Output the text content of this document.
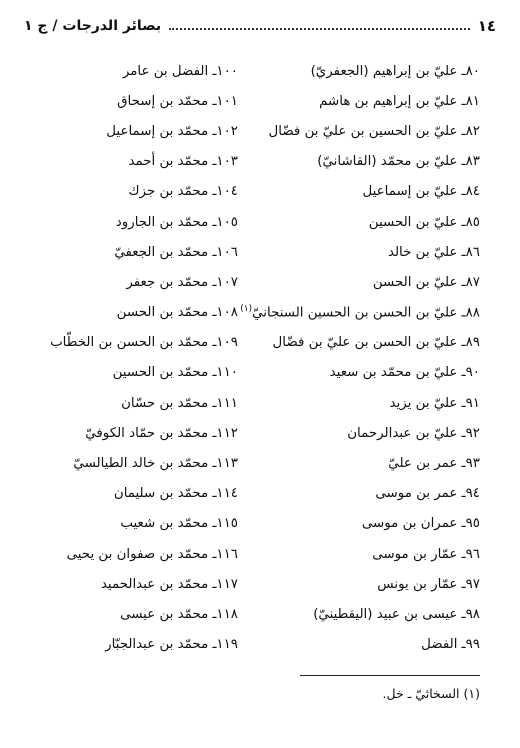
١٤
بصائر الدرجات / ج ١
٨٠ـ عليّ بن إبراهيم (الجعفريّ)
١٠٠ـ الفضل بن عامر
٨١ـ عليّ بن إبراهيم بن هاشم
١٠١ـ محمّد بن إسحاق
٨٢ـ عليّ بن الحسين بن عليّ بن فضّال
١٠٢ـ محمّد بن إسماعيل
٨٣ـ عليّ بن محمّد (القاشانيّ)
١٠٣ـ محمّد بن أحمد
٨٤ـ عليّ بن إسماعيل
١٠٤ـ محمّد بن جزك
٨٥ـ عليّ بن الحسين
١٠٥ـ محمّد بن الجارود
٨٦ـ عليّ بن خالد
١٠٦ـ محمّد بن الجعفيّ
٨٧ـ عليّ بن الحسن
١٠٧ـ محمّد بن جعفر
٨٨ـ عليّ بن الحسن بن الحسين السنجانيّ$^{(١)}$
١٠٨ـ محمّد بن الحسن
٨٩ـ عليّ بن الحسن بن عليّ بن فضّال
١٠٩ـ محمّد بن الحسن بن الخطّاب
٩٠ـ عليّ بن محمّد بن سعيد
١١٠ـ محمّد بن الحسين
٩١ـ عليّ بن يزيد
١١١ـ محمّد بن حسّان
٩٢ـ عليّ بن عبدالرحمان
١١٢ـ محمّد بن حمّاد الكوفيّ
٩٣ـ عمر بن عليّ
١١٣ـ محمّد بن خالد الطيالسيّ
٩٤ـ عمر بن موسى
١١٤ـ محمّد بن سليمان
٩٥ـ عمران بن موسى
١١٥ـ محمّد بن شعيب
٩٦ـ عمّار بن موسى
١١٦ـ محمّد بن صفوان بن يحيى
٩٧ـ عمّار بن يونس
١١٧ـ محمّد بن عبدالحميد
٩٨ـ عيسى بن عبيد (اليقطينيّ)
١١٨ـ محمّد بن عيسى
٩٩ـ الفضل
١١٩ـ محمّد بن عبدالجبّار
(١) السخائيّ ـ خل.
